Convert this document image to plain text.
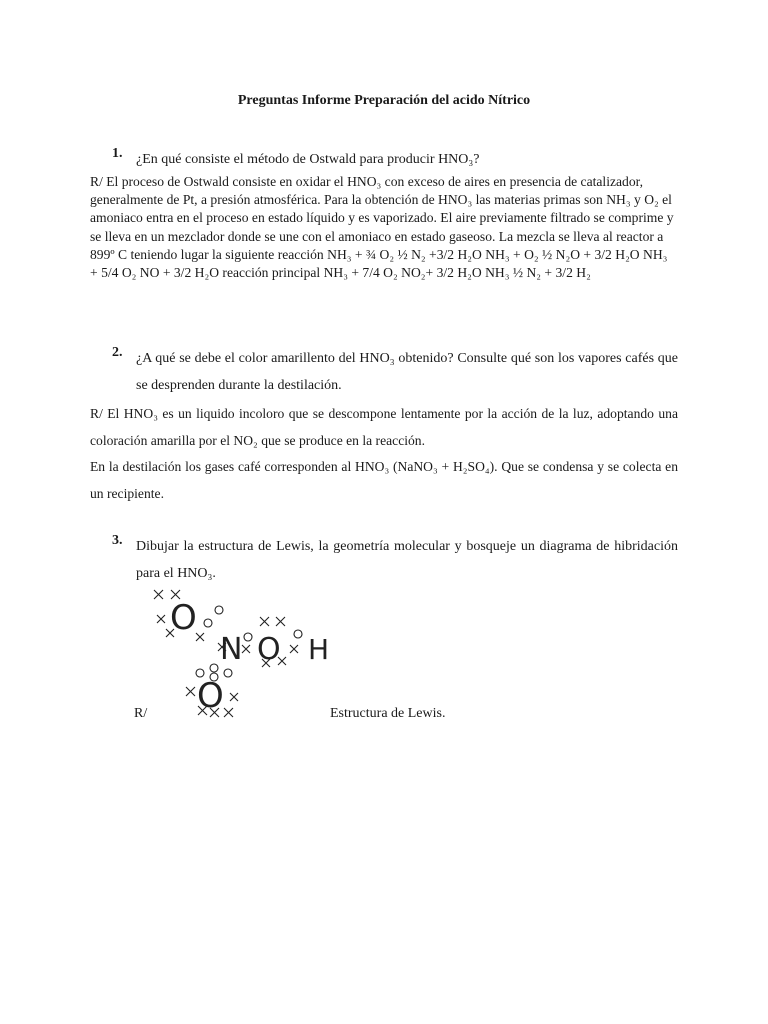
Preguntas Informe Preparación del acido Nítrico
1. ¿En qué consiste el método de Ostwald para producir HNO₃?
R/ El proceso de Ostwald consiste en oxidar el HNO₃ con exceso de aires en presencia de catalizador, generalmente de Pt, a presión atmosférica. Para la obtención de HNO₃ las materias primas son NH₃ y O₂ el amoniaco entra en el proceso en estado líquido y es vaporizado. El aire previamente filtrado se comprime y se lleva en un mezclador donde se une con el amoniaco en estado gaseoso. La mezcla se lleva al reactor a 899º C teniendo lugar la siguiente reacción NH₃ + ¾ O₂ ½ N₂ +3/2 H₂O NH₃ + O₂ ½ N₂O + 3/2 H₂O NH₃ + 5/4 O₂ NO + 3/2 H₂O reacción principal NH₃ + 7/4 O₂ NO₂+ 3/2 H₂O NH₃ ½ N₂ + 3/2 H₂
2. ¿A qué se debe el color amarillento del HNO₃ obtenido? Consulte qué son los vapores cafés que se desprenden durante la destilación.
R/ El HNO₃ es un liquido incoloro que se descompone lentamente por la acción de la luz, adoptando una coloración amarilla por el NO₂ que se produce en la reacción.
En la destilación los gases café corresponden al HNO₃ (NaNO₃ + H₂SO₄). Que se condensa y se colecta en un recipiente.
3. Dibujar la estructura de Lewis, la geometría molecular y bosqueje un diagrama de hibridación para el HNO₃.
O
N O H
O
R/	Estructura de Lewis.
